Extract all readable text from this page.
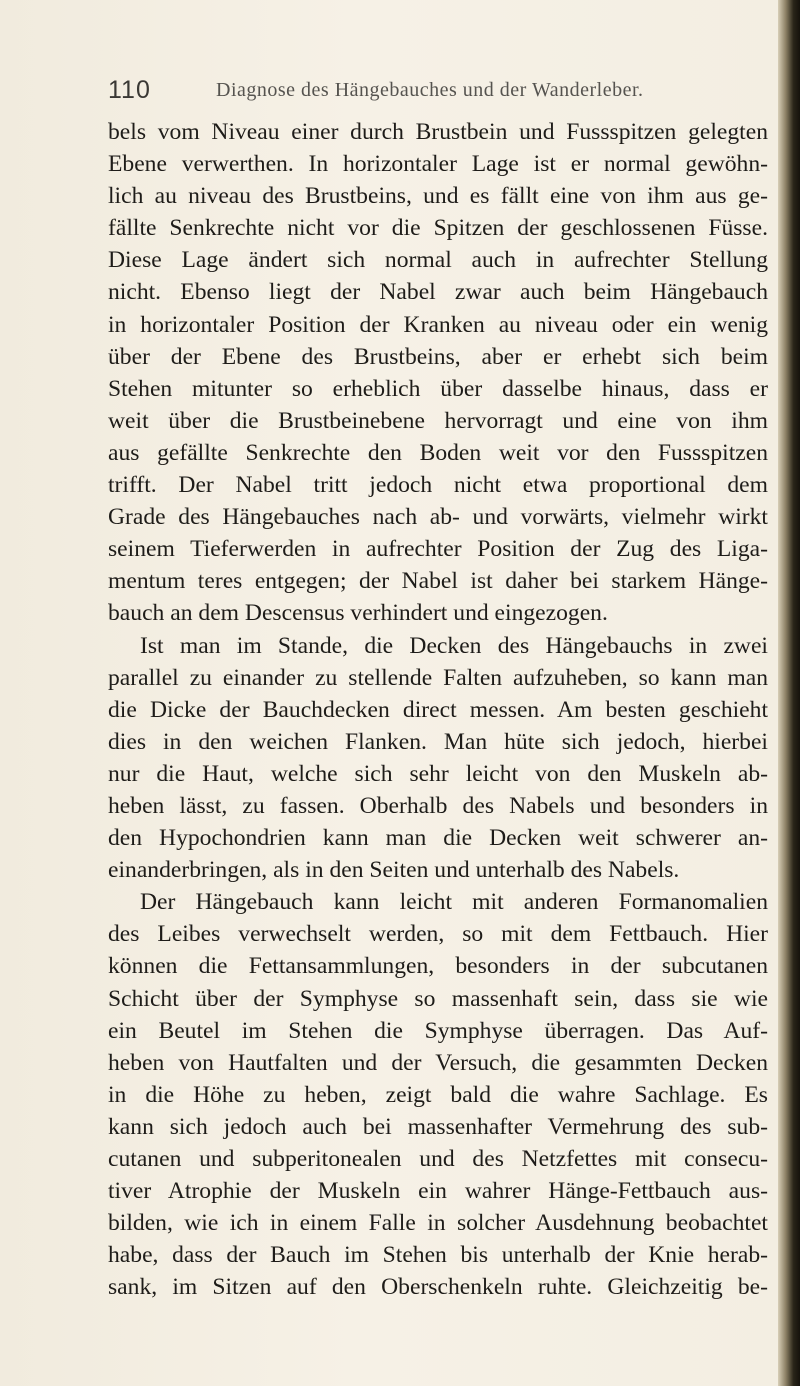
110	Diagnose des Hängebauches und der Wanderleber.
bels vom Niveau einer durch Brustbein und Fussspitzen gelegten
Ebene verwerthen. In horizontaler Lage ist er normal gewöhn-
lich au niveau des Brustbeins, und es fällt eine von ihm aus ge-
fällte Senkrechte nicht vor die Spitzen der geschlossenen Füsse.
Diese Lage ändert sich normal auch in aufrechter Stellung
nicht. Ebenso liegt der Nabel zwar auch beim Hängebauch
in horizontaler Position der Kranken au niveau oder ein wenig
über der Ebene des Brustbeins, aber er erhebt sich beim
Stehen mitunter so erheblich über dasselbe hinaus, dass er
weit über die Brustbeinebene hervorragt und eine von ihm
aus gefällte Senkrechte den Boden weit vor den Fussspitzen
trifft. Der Nabel tritt jedoch nicht etwa proportional dem
Grade des Hängebauches nach ab- und vorwärts, vielmehr wirkt
seinem Tieferwerden in aufrechter Position der Zug des Liga-
mentum teres entgegen; der Nabel ist daher bei starkem Hänge-
bauch an dem Descensus verhindert und eingezogen.
Ist man im Stande, die Decken des Hängebauchs in zwei
parallel zu einander zu stellende Falten aufzuheben, so kann man
die Dicke der Bauchdecken direct messen. Am besten geschieht
dies in den weichen Flanken. Man hüte sich jedoch, hierbei
nur die Haut, welche sich sehr leicht von den Muskeln ab-
heben lässt, zu fassen. Oberhalb des Nabels und besonders in
den Hypochondrien kann man die Decken weit schwerer an-
einanderbringen, als in den Seiten und unterhalb des Nabels.
Der Hängebauch kann leicht mit anderen Formanomalien
des Leibes verwechselt werden, so mit dem Fettbauch. Hier
können die Fettansammlungen, besonders in der subcutanen
Schicht über der Symphyse so massenhaft sein, dass sie wie
ein Beutel im Stehen die Symphyse überragen. Das Auf-
heben von Hautfalten und der Versuch, die gesammten Decken
in die Höhe zu heben, zeigt bald die wahre Sachlage. Es
kann sich jedoch auch bei massenhafter Vermehrung des sub-
cutanen und subperitonealen und des Netzfettes mit consecu-
tiver Atrophie der Muskeln ein wahrer Hänge-Fettbauch aus-
bilden, wie ich in einem Falle in solcher Ausdehnung beobachtet
habe, dass der Bauch im Stehen bis unterhalb der Knie herab-
sank, im Sitzen auf den Oberschenkeln ruhte. Gleichzeitig be-
